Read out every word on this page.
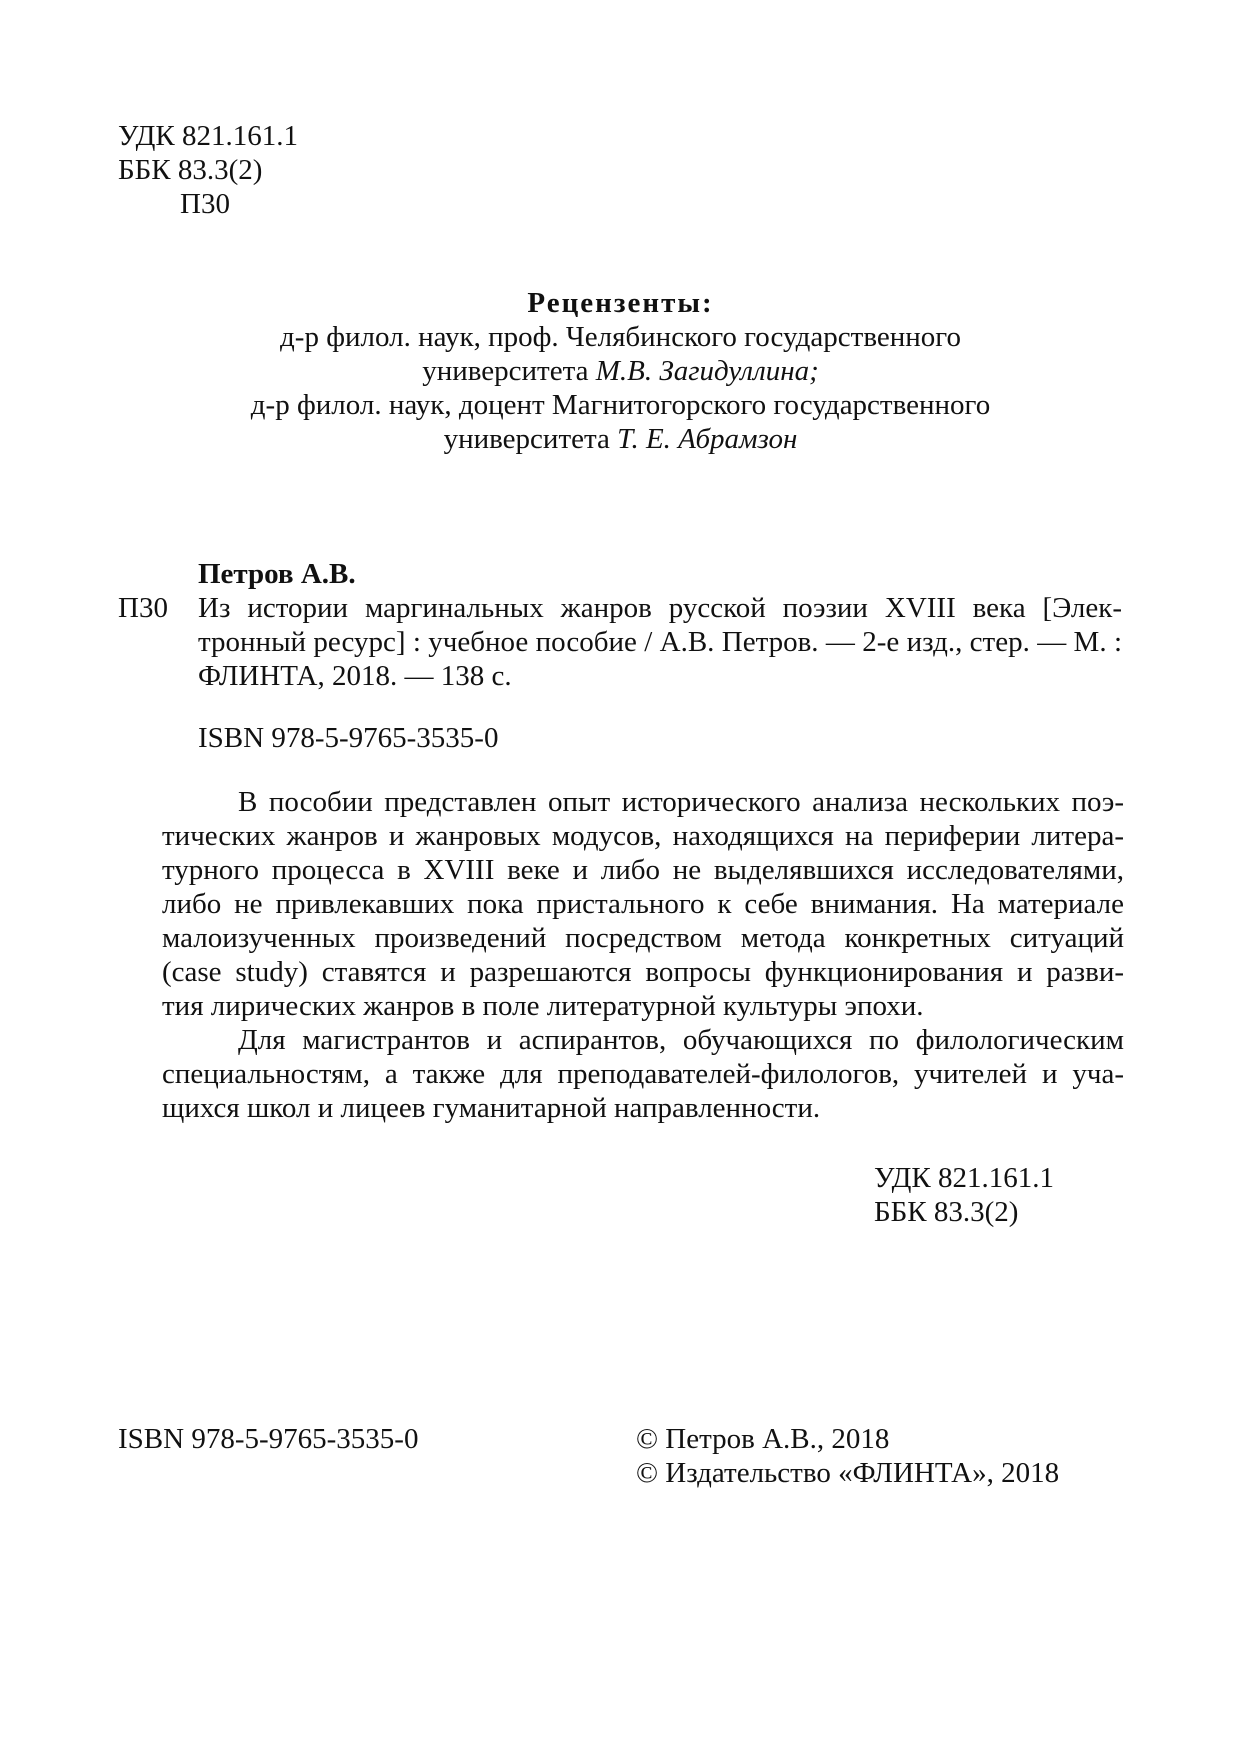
УДК 821.161.1
ББК 83.3(2)
П30
Рецензенты:
д-р филол. наук, проф. Челябинского государственного
университета М.В. Загидуллина;
д-р филол. наук, доцент Магнитогорского государственного
университета Т. Е. Абрамзон
Петров А.В.
П30 Из истории маргинальных жанров русской поэзии XVIII века [Элек-
тронный ресурс] : учебное пособие / А.В. Петров. — 2-е изд., стер. — М. :
ФЛИНТА, 2018. — 138 с.
ISBN 978-5-9765-3535-0
В пособии представлен опыт исторического анализа нескольких поэ-
тических жанров и жанровых модусов, находящихся на периферии литера-
турного процесса в XVIII веке и либо не выделявшихся исследователями,
либо не привлекавших пока пристального к себе внимания. На материале
малоизученных произведений посредством метода конкретных ситуаций
(case study) ставятся и разрешаются вопросы функционирования и разви-
тия лирических жанров в поле литературной культуры эпохи.
Для магистрантов и аспирантов, обучающихся по филологическим
специальностям, а также для преподавателей-филологов, учителей и уча-
щихся школ и лицеев гуманитарной направленности.
УДК 821.161.1
ББК 83.3(2)
ISBN 978-5-9765-3535-0	© Петров А.В., 2018
© Издательство «ФЛИНТА», 2018
